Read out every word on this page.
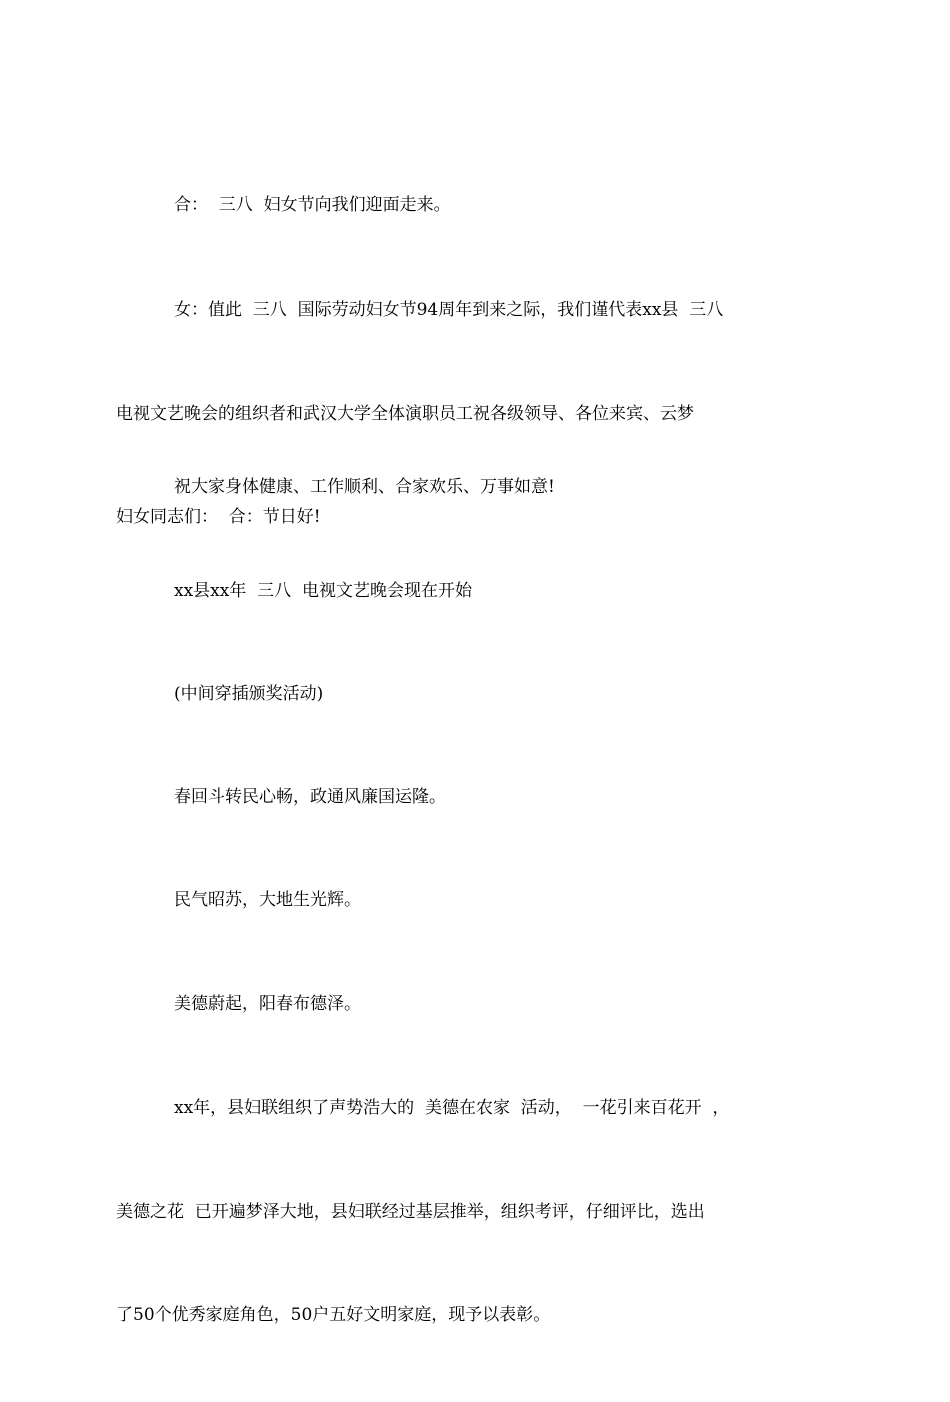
合：  三八  妇女节向我们迎面走来。

女：值此  三八  国际劳动妇女节94周年到来之际，我们谨代表xx县  三八

电视文艺晚会的组织者和武汉大学全体演职员工祝各级领导、各位来宾、云梦

妇女同志们：  合：节日好!

祝大家身体健康、工作顺利、合家欢乐、万事如意!

xx县xx年  三八  电视文艺晚会现在开始

(中间穿插颁奖活动)

春回斗转民心畅，政通风廉国运隆。

民气昭苏，大地生光辉。

美德蔚起，阳春布德泽。

xx年，县妇联组织了声势浩大的  美德在农家  活动，  一花引来百花开  ，

美德之花  已开遍梦泽大地，县妇联经过基层推举，组织考评，仔细评比，选出

了50个优秀家庭角色，50户五好文明家庭，现予以表彰。
